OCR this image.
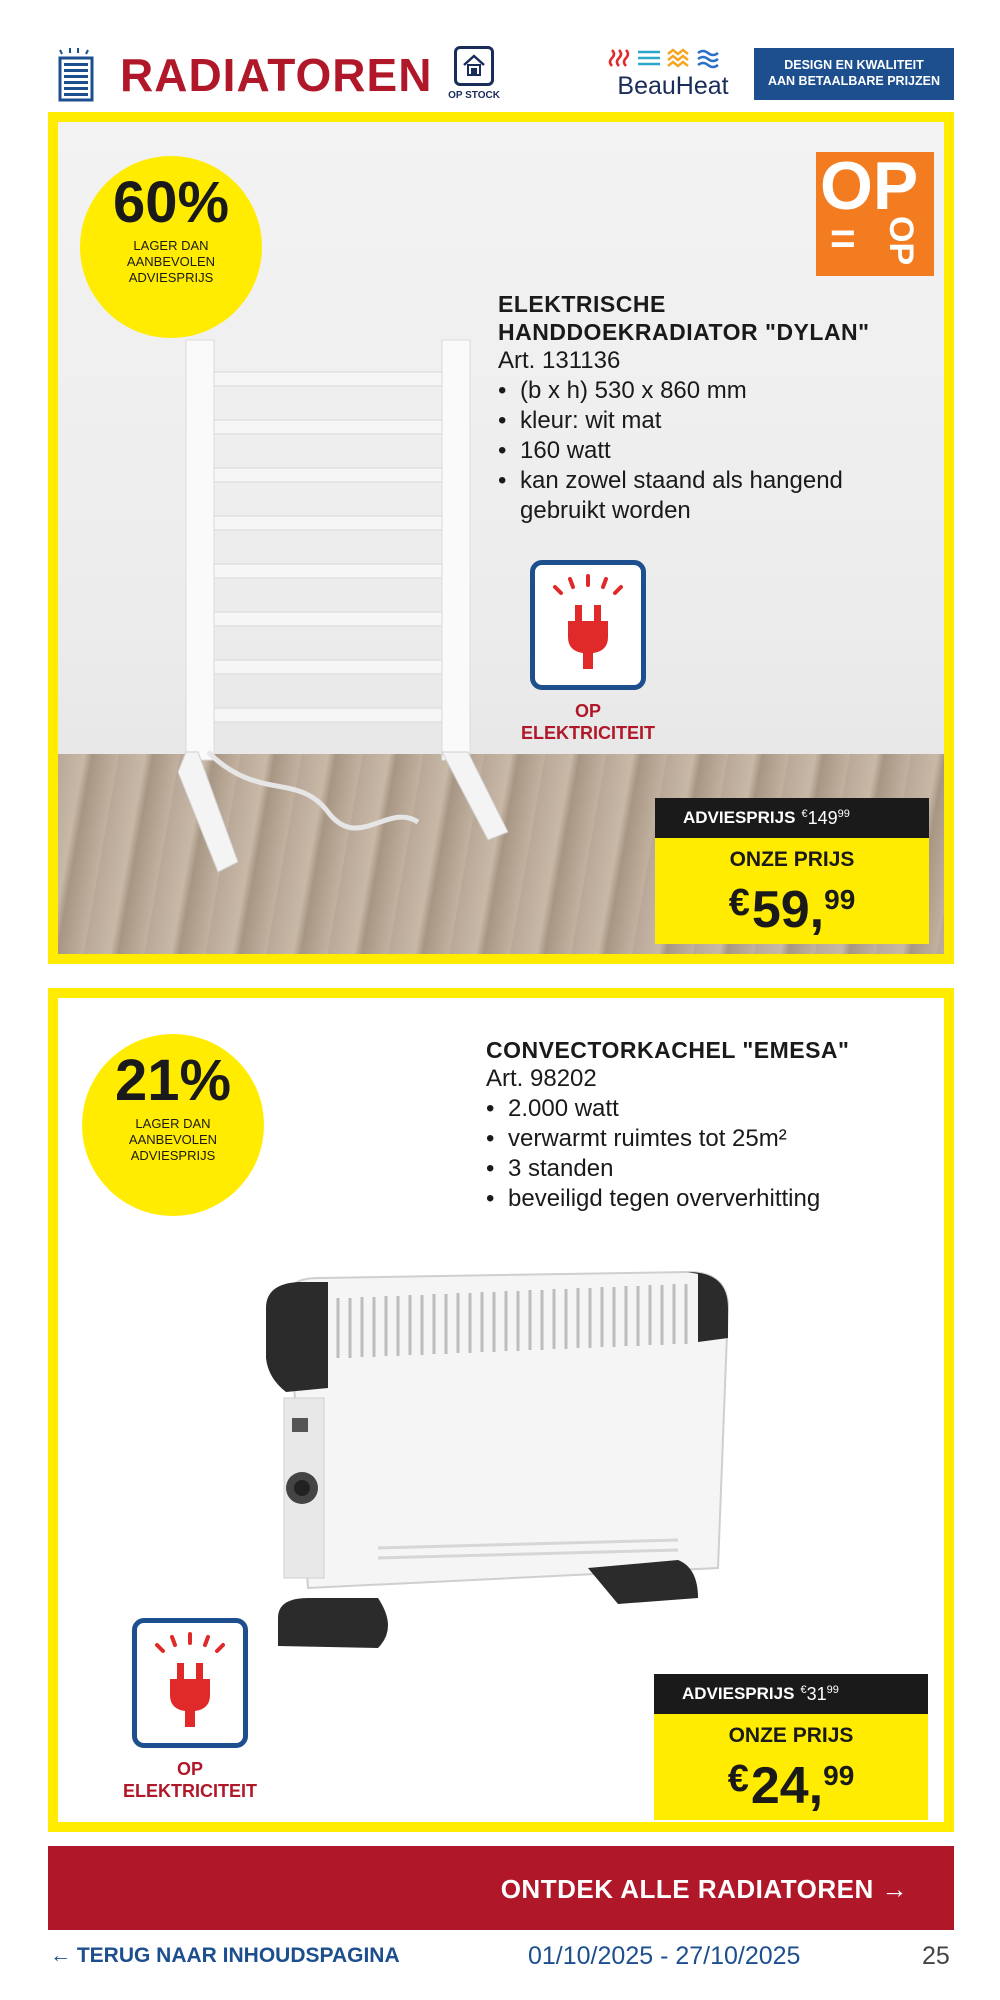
RADIATOREN	OP STOCK	BeauHeat
DESIGN EN KWALITEIT
AAN BETAALBARE PRIJZEN
60%
LAGER DAN
AANBEVOLEN
ADVIESPRIJS
OP
= OP
ELEKTRISCHE
HANDDOEKRADIATOR "DYLAN"
Art. 131136
• (b x h) 530 x 860 mm
• kleur: wit mat
• 160 watt
• kan zowel staand als hangend
gebruikt worden
OP
ELEKTRICITEIT
ADVIESPRIJS $^€149^{99}$
ONZE PRIJS
€59,99
21%
LAGER DAN
AANBEVOLEN
ADVIESPRIJS
CONVECTORKACHEL "EMESA"
Art. 98202
• 2.000 watt
• verwarmt ruimtes tot 25m²
• 3 standen
• beveiligd tegen oververhitting
OP
ELEKTRICITEIT
ADVIESPRIJS $^€31^{99}$
ONZE PRIJS
€24,99
ONTDEK ALLE RADIATOREN →
← TERUG NAAR INHOUDSPAGINA	01/10/2025 - 27/10/2025	25
